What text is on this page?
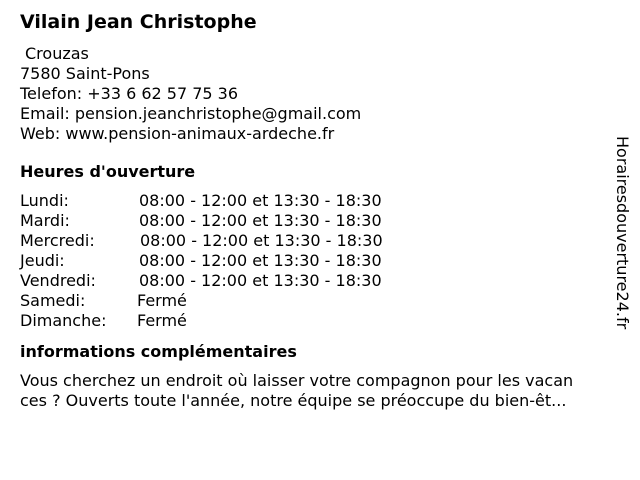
Vilain Jean Christophe
Crouzas
7580 Saint-Pons
Telefon: +33 6 62 57 75 36
Email: pension.jeanchristophe@gmail.com
Web: www.pension-animaux-ardeche.fr
Heures d'ouverture
Lundi:	08:00 - 12:00 et 13:30 - 18:30
Mardi:	08:00 - 12:00 et 13:30 - 18:30
Mercredi:	08:00 - 12:00 et 13:30 - 18:30
Jeudi:	08:00 - 12:00 et 13:30 - 18:30
Vendredi:	08:00 - 12:00 et 13:30 - 18:30
Samedi:	Fermé
Dimanche: Fermé
informations complémentaires
Vous cherchez un endroit où laisser votre compagnon pour les vacan
ces ? Ouverts toute l'année, notre équipe se préoccupe du bien-êt...
Horairesdouverture24.fr
